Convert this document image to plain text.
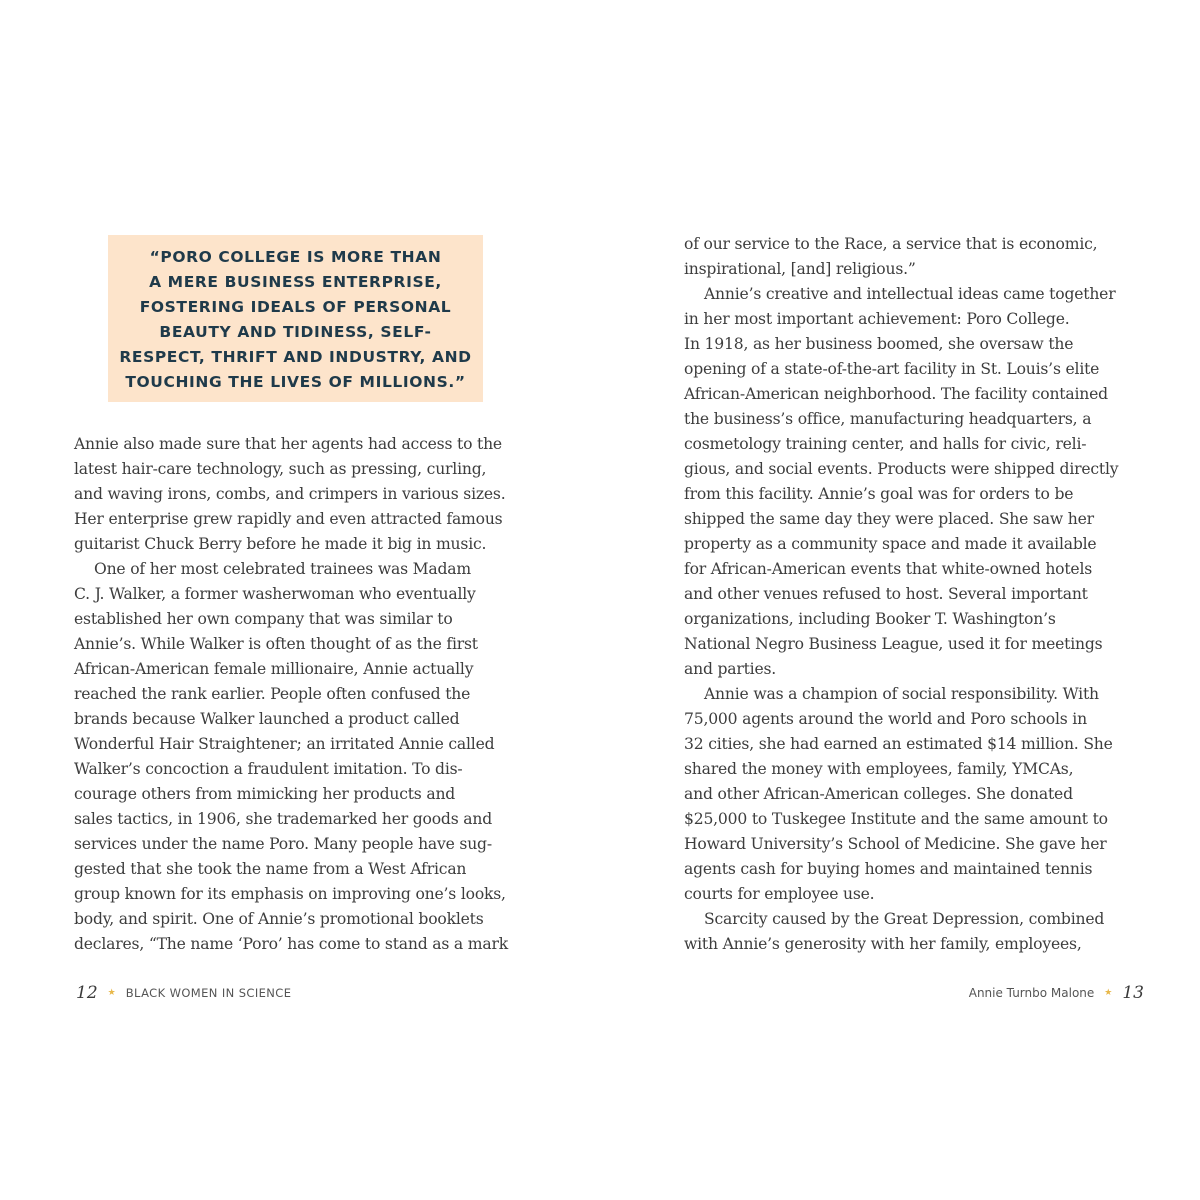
“PORO COLLEGE IS MORE THAN
A MERE BUSINESS ENTERPRISE,
FOSTERING IDEALS OF PERSONAL
BEAUTY AND TIDINESS, SELF-
RESPECT, THRIFT AND INDUSTRY, AND
TOUCHING THE LIVES OF MILLIONS.”
Annie also made sure that her agents had access to the
latest hair-care technology, such as pressing, curling,
and waving irons, combs, and crimpers in various sizes.
Her enterprise grew rapidly and even attracted famous
guitarist Chuck Berry before he made it big in music.
One of her most celebrated trainees was Madam
C. J. Walker, a former washerwoman who eventually
established her own company that was similar to
Annie’s. While Walker is often thought of as the first
African-American female millionaire, Annie actually
reached the rank earlier. People often confused the
brands because Walker launched a product called
Wonderful Hair Straightener; an irritated Annie called
Walker’s concoction a fraudulent imitation. To dis-
courage others from mimicking her products and
sales tactics, in 1906, she trademarked her goods and
services under the name Poro. Many people have sug-
gested that she took the name from a West African
group known for its emphasis on improving one’s looks,
body, and spirit. One of Annie’s promotional booklets
declares, “The name ‘Poro’ has come to stand as a mark
12 ★ BLACK WOMEN IN SCIENCE
of our service to the Race, a service that is economic,
inspirational, [and] religious.”
Annie’s creative and intellectual ideas came together
in her most important achievement: Poro College.
In 1918, as her business boomed, she oversaw the
opening of a state-of-the-art facility in St. Louis’s elite
African-American neighborhood. The facility contained
the business’s office, manufacturing headquarters, a
cosmetology training center, and halls for civic, reli-
gious, and social events. Products were shipped directly
from this facility. Annie’s goal was for orders to be
shipped the same day they were placed. She saw her
property as a community space and made it available
for African-American events that white-owned hotels
and other venues refused to host. Several important
organizations, including Booker T. Washington’s
National Negro Business League, used it for meetings
and parties.
Annie was a champion of social responsibility. With
75,000 agents around the world and Poro schools in
32 cities, she had earned an estimated $14 million. She
shared the money with employees, family, YMCAs,
and other African-American colleges. She donated
$25,000 to Tuskegee Institute and the same amount to
Howard University’s School of Medicine. She gave her
agents cash for buying homes and maintained tennis
courts for employee use.
Scarcity caused by the Great Depression, combined
with Annie’s generosity with her family, employees,
Annie Turnbo Malone ★ 13
